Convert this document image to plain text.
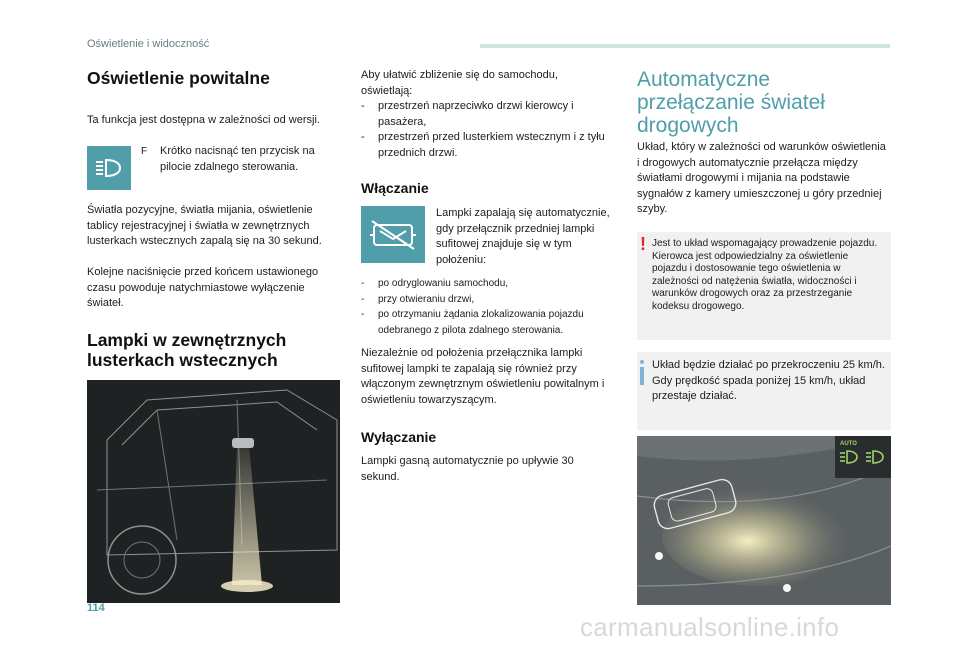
Oświetlenie i widoczność
Oświetlenie powitalne
Ta funkcja jest dostępna w zależności od wersji.
F Krótko nacisnąć ten przycisk na pilocie zdalnego sterowania.
Światła pozycyjne, światła mijania, oświetlenie tablicy rejestracyjnej i światła w zewnętrznych lusterkach wstecznych zapalą się na 30 sekund.
Kolejne naciśnięcie przed końcem ustawionego czasu powoduje natychmiastowe wyłączenie świateł.
Lampki w zewnętrznych
lusterkach wstecznych
114
Aby ułatwić zbliżenie się do samochodu, oświetlają:
- przestrzeń naprzeciwko drzwi kierowcy i pasażera,
- przestrzeń przed lusterkiem wstecznym i z tyłu przednich drzwi.
Włączanie
Lampki zapalają się automatycznie, gdy przełącznik przedniej lampki sufitowej znajduje się w tym położeniu:
- po odryglowaniu samochodu,
- przy otwieraniu drzwi,
- po otrzymaniu żądania zlokalizowania pojazdu odebranego z pilota zdalnego sterowania.
Niezależnie od położenia przełącznika lampki sufitowej lampki te zapalają się również przy włączonym zewnętrznym oświetleniu powitalnym i oświetleniu towarzyszącym.
Wyłączanie
Lampki gasną automatycznie po upływie 30 sekund.
Automatyczne
przełączanie świateł
drogowych
Układ, który w zależności od warunków oświetlenia i drogowych automatycznie przełącza między światłami drogowymi i mijania na podstawie sygnałów z kamery umieszczonej u góry przedniej szyby.
! Jest to układ wspomagający prowadzenie pojazdu.
Kierowca jest odpowiedzialny za oświetlenie pojazdu i dostosowanie tego oświetlenia w zależności od natężenia światła, widoczności i warunków drogowych oraz za przestrzeganie kodeksu drogowego.
Układ będzie działać po przekroczeniu 25 km/h.
Gdy prędkość spada poniżej 15 km/h, układ przestaje działać.
AUTO
carmanualsonline.info
